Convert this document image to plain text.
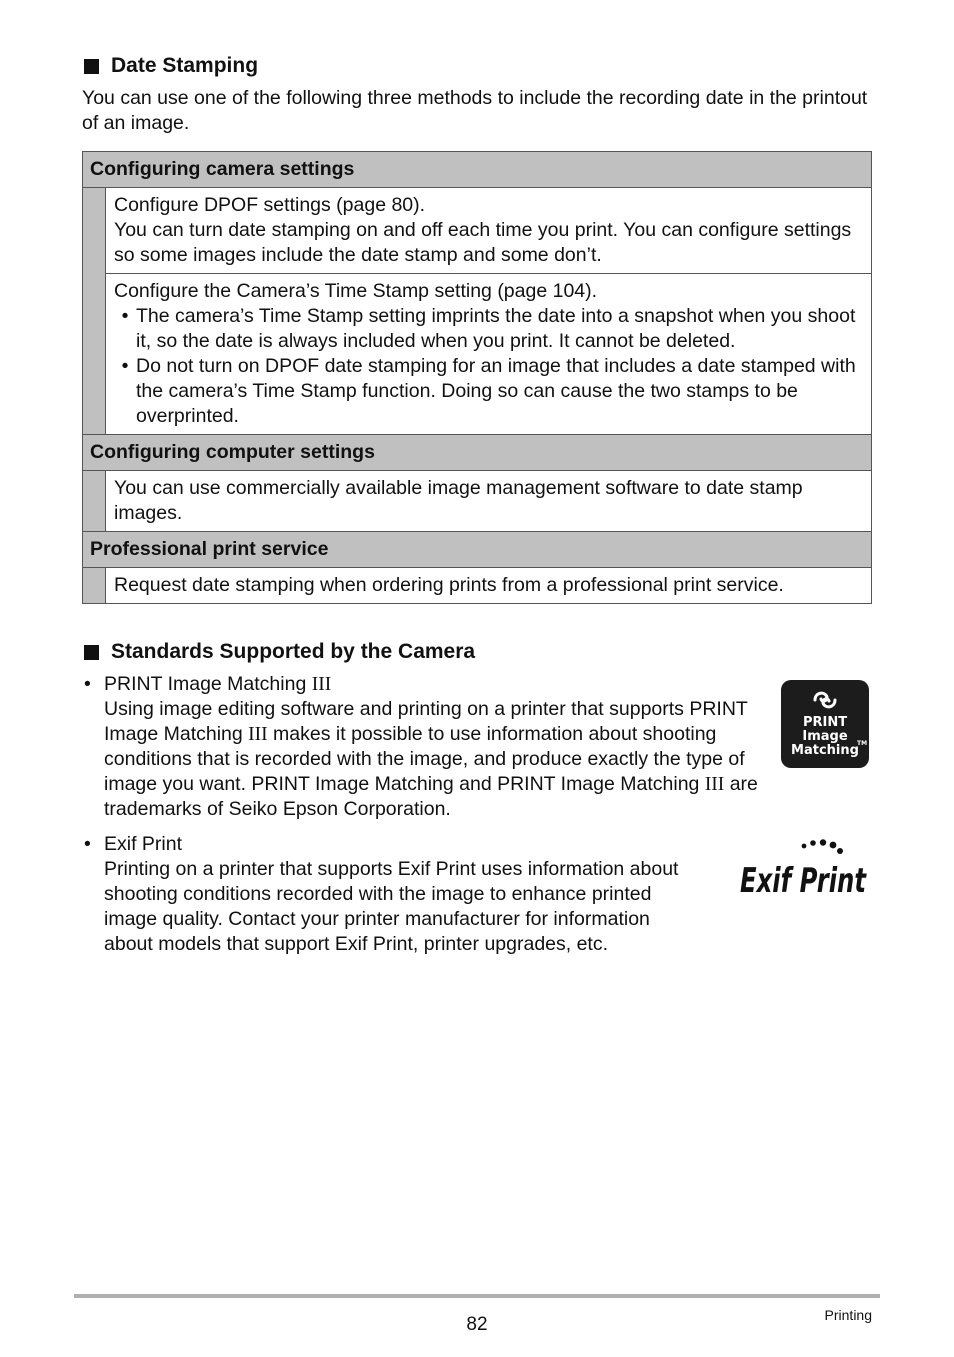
Date Stamping
You can use one of the following three methods to include the recording date in the printout of an image.
Configuring camera settings	

	Configure DPOF settings (page 80).
You can turn date stamping on and off each time you print. You can configure settings so some images include the date stamp and some don’t.

	Configure the Camera’s Time Stamp setting (page 104).
• The camera’s Time Stamp setting imprints the date into a snapshot when you shoot it, so the date is always included when you print. It cannot be deleted.
• Do not turn on DPOF date stamping for an image that includes a date stamped with the camera’s Time Stamp function. Doing so can cause the two stamps to be overprinted.

Configuring computer settings	
	You can use commercially available image management software to date stamp images.
Professional print service	
	Request date stamping when ordering prints from a professional print service.
Standards Supported by the Camera
• PRINT Image Matching III
Using image editing software and printing on a printer that supports PRINT Image Matching III makes it possible to use information about shooting conditions that is recorded with the image, and produce exactly the type of image you want. PRINT Image Matching and PRINT Image Matching III are trademarks of Seiko Epson Corporation.
PRINT
Image
Matching
TM
• Exif Print
Printing on a printer that supports Exif Print uses information about shooting conditions recorded with the image to enhance printed image quality. Contact your printer manufacturer for information about models that support Exif Print, printer upgrades, etc.
Exif Print
82	Printing
